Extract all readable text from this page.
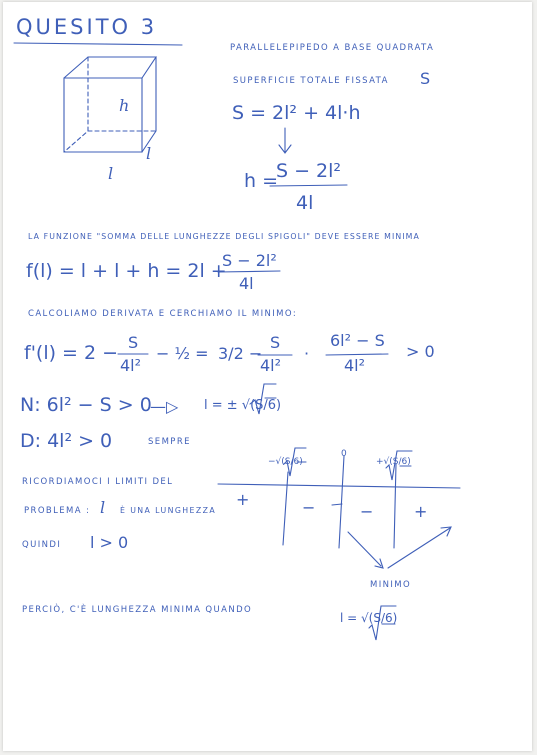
QUESITO 3
PARALLELEPIPEDO A BASE QUADRATA
SUPERFICIE TOTALE FISSATA S
h
l
l
S = 2l² + 4l·h
h =
S − 2l²
4l
LA FUNZIONE "SOMMA DELLE LUNGHEZZE DEGLI SPIGOLI" DEVE ESSERE MINIMA
f(l) = l + l + h = 2l +
S − 2l²
4l
CALCOLIAMO DERIVATA E CERCHIAMO IL MINIMO:
f'(l) = 2 − S
4l²
− ½ = 3/2 −
S
4l²
·
6l² − S
4l²
> 0
N: 6l² − S > 0
—▷ l = ± √(S/6)
D: 4l² > 0	SEMPRE
RICORDIAMOCI I LIMITI DEL
PROBLEMA : l È UNA LUNGHEZZA
QUINDI l > 0
−√(S/6)
0
+√(S/6)
+	−	−	+
MINIMO
PERCIÒ, C'È LUNGHEZZA MINIMA QUANDO
l = √(S/6)
